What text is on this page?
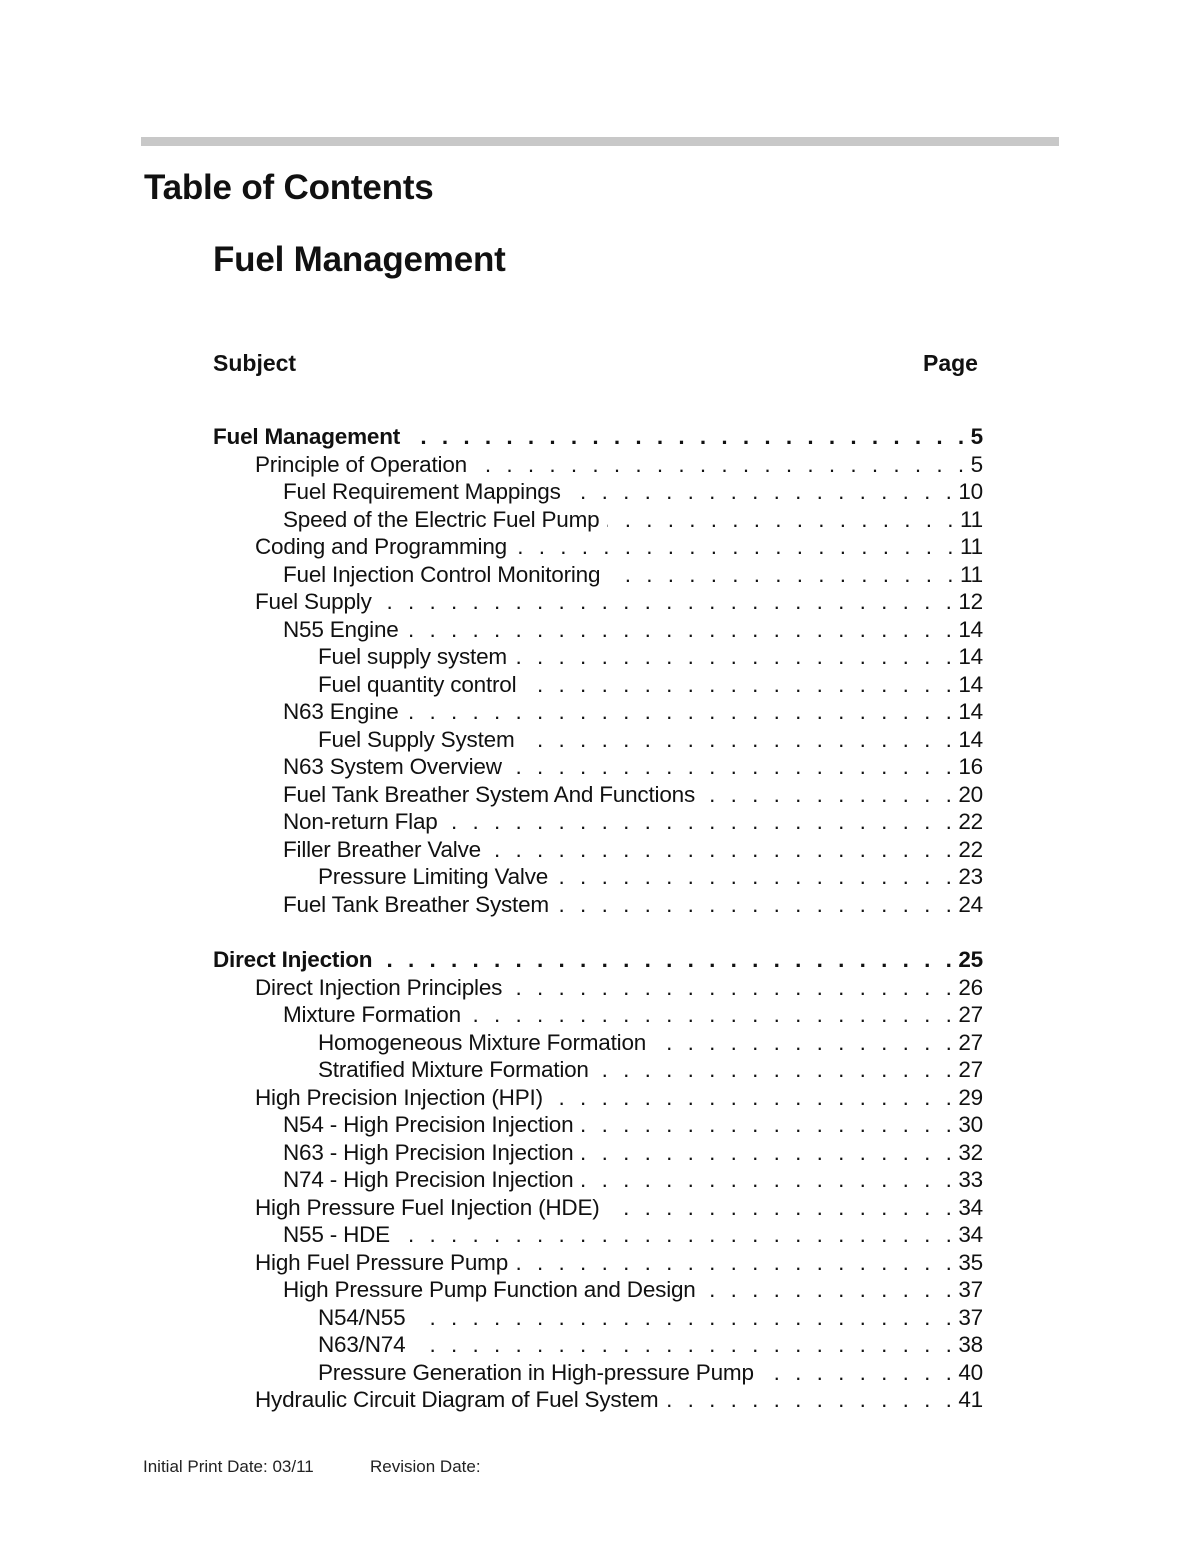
Table of Contents
Fuel Management
Subject	Page
Fuel Management . . .	5
Principle of Operation . . .	5
Fuel Requirement Mappings . . .	10
Speed of the Electric Fuel Pump . . .	11
Coding and Programming . . .	11
Fuel Injection Control Monitoring . . .	11
Fuel Supply . . .	12
N55 Engine . . .	14
Fuel supply system . . .	14
Fuel quantity control . . .	14
N63 Engine . . .	14
Fuel Supply System . . .	14
N63 System Overview . . .	16
Fuel Tank Breather System And Functions . . .	20
Non-return Flap . . .	22
Filler Breather Valve . . .	22
Pressure Limiting Valve . . .	23
Fuel Tank Breather System . . .	24
Direct Injection . . .	25
Direct Injection Principles . . .	26
Mixture Formation . . .	27
Homogeneous Mixture Formation . . .	27
Stratified Mixture Formation . . .	27
High Precision Injection (HPI) . . .	29
N54 - High Precision Injection . . .	30
N63 - High Precision Injection . . .	32
N74 - High Precision Injection . . .	33
High Pressure Fuel Injection (HDE) . . .	34
N55 - HDE . . .	34
High Fuel Pressure Pump . . .	35
High Pressure Pump Function and Design . . .	37
N54/N55 . . .	37
N63/N74 . . .	38
Pressure Generation in High-pressure Pump . . .	40
Hydraulic Circuit Diagram of Fuel System . . .	41
Initial Print Date: 03/11	Revision Date:
